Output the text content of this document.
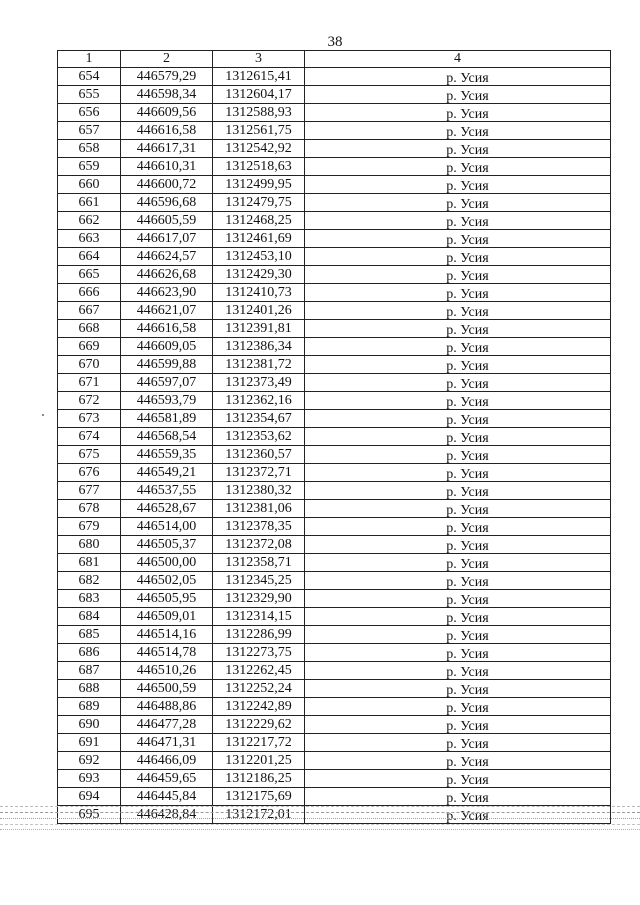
38
1	2	3	4
654	446579,29	1312615,41	р. Усия
655	446598,34	1312604,17	р. Усия
656	446609,56	1312588,93	р. Усия
657	446616,58	1312561,75	р. Усия
658	446617,31	1312542,92	р. Усия
659	446610,31	1312518,63	р. Усия
660	446600,72	1312499,95	р. Усия
661	446596,68	1312479,75	р. Усия
662	446605,59	1312468,25	р. Усия
663	446617,07	1312461,69	р. Усия
664	446624,57	1312453,10	р. Усия
665	446626,68	1312429,30	р. Усия
666	446623,90	1312410,73	р. Усия
667	446621,07	1312401,26	р. Усия
668	446616,58	1312391,81	р. Усия
669	446609,05	1312386,34	р. Усия
670	446599,88	1312381,72	р. Усия
671	446597,07	1312373,49	р. Усия
672	446593,79	1312362,16	р. Усия
673	446581,89	1312354,67	р. Усия
674	446568,54	1312353,62	р. Усия
675	446559,35	1312360,57	р. Усия
676	446549,21	1312372,71	р. Усия
677	446537,55	1312380,32	р. Усия
678	446528,67	1312381,06	р. Усия
679	446514,00	1312378,35	р. Усия
680	446505,37	1312372,08	р. Усия
681	446500,00	1312358,71	р. Усия
682	446502,05	1312345,25	р. Усия
683	446505,95	1312329,90	р. Усия
684	446509,01	1312314,15	р. Усия
685	446514,16	1312286,99	р. Усия
686	446514,78	1312273,75	р. Усия
687	446510,26	1312262,45	р. Усия
688	446500,59	1312252,24	р. Усия
689	446488,86	1312242,89	р. Усия
690	446477,28	1312229,62	р. Усия
691	446471,31	1312217,72	р. Усия
692	446466,09	1312201,25	р. Усия
693	446459,65	1312186,25	р. Усия
694	446445,84	1312175,69	р. Усия
695	446428,84	1312172,01	р. Усия
